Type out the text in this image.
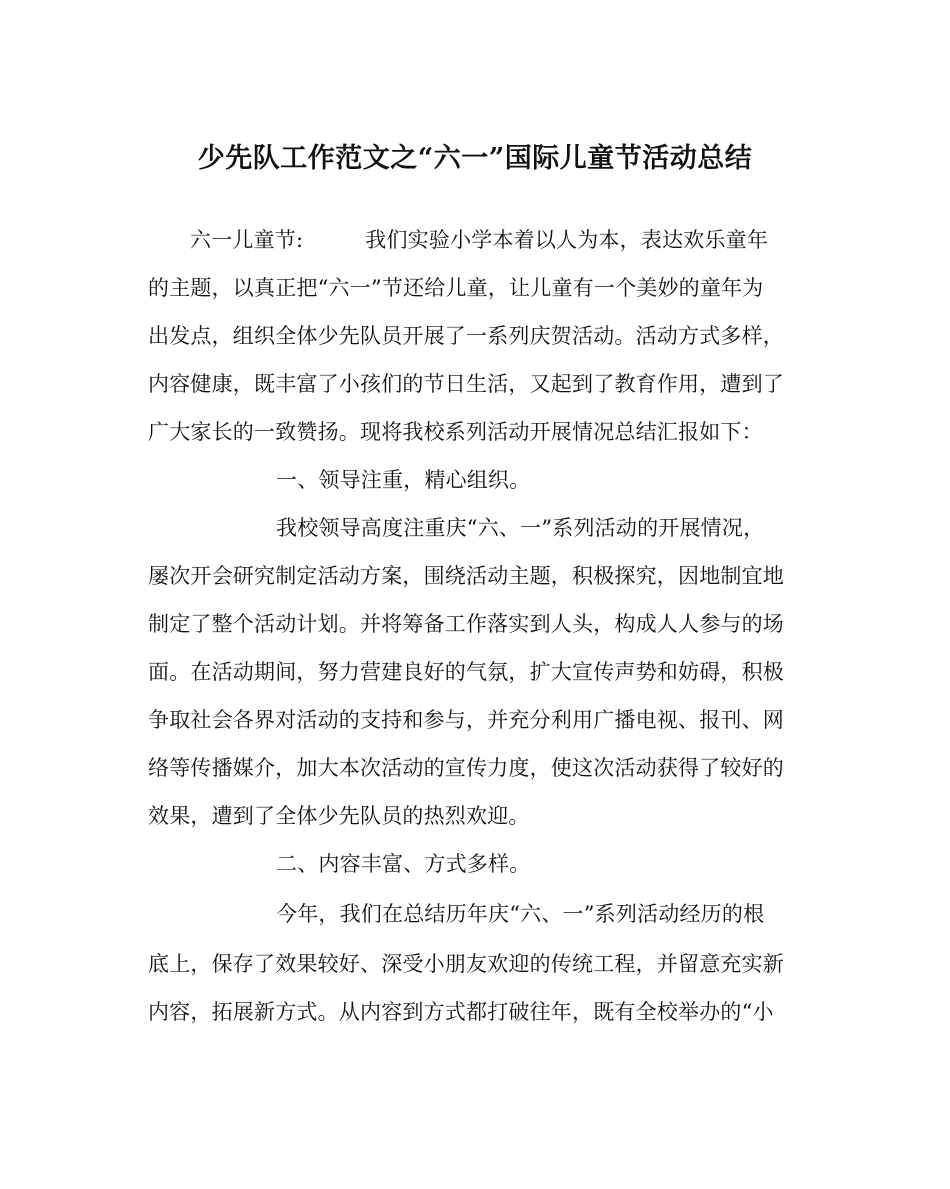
少先队工作范文之“六一”国际儿童节活动总结
六一儿童节:	我们实验小学本着以人为本，表达欢乐童年
的主题，以真正把“六一”节还给儿童，让儿童有一个美妙的童年为
出发点，组织全体少先队员开展了一系列庆贺活动。活动方式多样，
内容健康，既丰富了小孩们的节日生活，又起到了教育作用，遭到了
广大家长的一致赞扬。现将我校系列活动开展情况总结汇报如下：
一、领导注重，精心组织。
我校领导高度注重庆“六、一”系列活动的开展情况，
屡次开会研究制定活动方案，围绕活动主题，积极探究，因地制宜地
制定了整个活动计划。并将筹备工作落实到人头，构成人人参与的场
面。在活动期间，努力营建良好的气氛，扩大宣传声势和妨碍，积极
争取社会各界对活动的支持和参与，并充分利用广播电视、报刊、网
络等传播媒介，加大本次活动的宣传力度，使这次活动获得了较好的
效果，遭到了全体少先队员的热烈欢迎。
二、内容丰富、方式多样。
今年，我们在总结历年庆“六、一”系列活动经历的根
底上，保存了效果较好、深受小朋友欢迎的传统工程，并留意充实新
内容，拓展新方式。从内容到方式都打破往年，既有全校举办的“小
